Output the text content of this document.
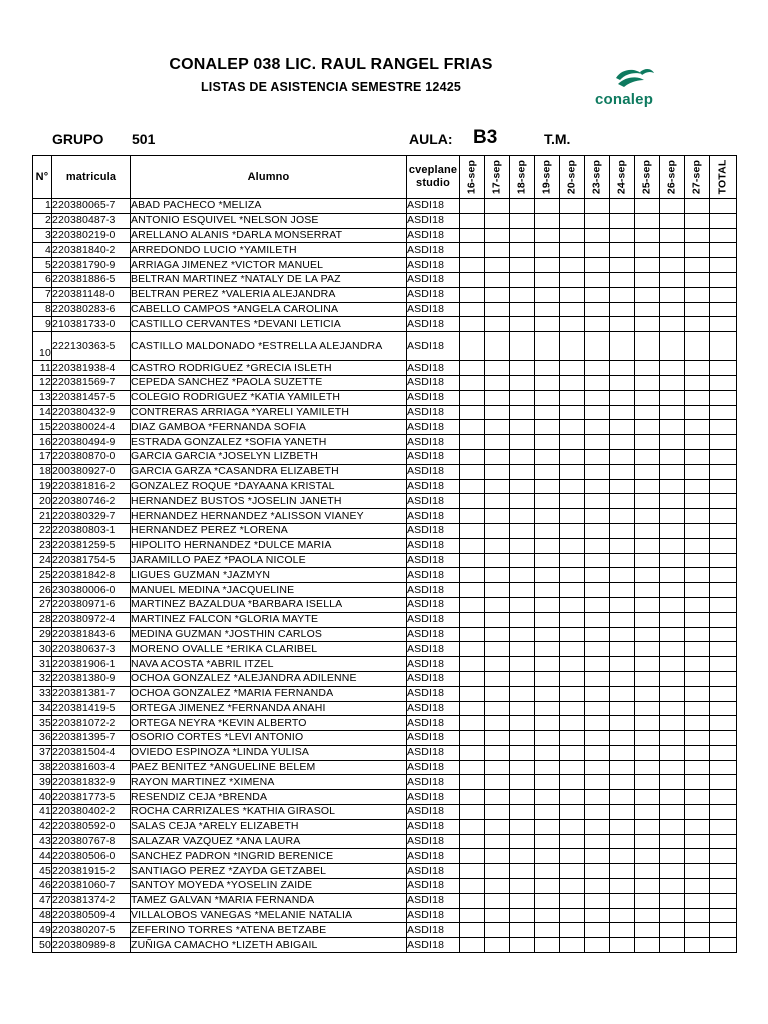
CONALEP 038 LIC. RAUL RANGEL FRIAS
LISTAS DE ASISTENCIA SEMESTRE 12425
conalep
GRUPO 501	AULA: B3	T.M.
N°	matricula	Alumno	cveplane
studio	16-sep	17-sep	18-sep	19-sep	20-sep	23-sep	24-sep	25-sep	26-sep	27-sep	TOTAL

1	220380065-7	ABAD PACHECO *MELIZA	ASDI18											
2	220380487-3	ANTONIO ESQUIVEL *NELSON JOSE	ASDI18											
3	220380219-0	ARELLANO ALANIS *DARLA MONSERRAT	ASDI18											
4	220381840-2	ARREDONDO LUCIO *YAMILETH	ASDI18											
5	220381790-9	ARRIAGA JIMENEZ *VICTOR MANUEL	ASDI18											
6	220381886-5	BELTRAN MARTINEZ *NATALY DE LA PAZ	ASDI18											
7	220381148-0	BELTRAN PEREZ *VALERIA ALEJANDRA	ASDI18											
8	220380283-6	CABELLO CAMPOS *ANGELA CAROLINA	ASDI18											
9	210381733-0	CASTILLO CERVANTES *DEVANI LETICIA	ASDI18											
10	222130363-5	CASTILLO MALDONADO *ESTRELLA ALEJANDRA	ASDI18											
11	220381938-4	CASTRO RODRIGUEZ *GRECIA ISLETH	ASDI18											
12	220381569-7	CEPEDA SANCHEZ *PAOLA SUZETTE	ASDI18											
13	220381457-5	COLEGIO RODRIGUEZ *KATIA YAMILETH	ASDI18											
14	220380432-9	CONTRERAS ARRIAGA *YARELI YAMILETH	ASDI18											
15	220380024-4	DIAZ GAMBOA *FERNANDA SOFIA	ASDI18											
16	220380494-9	ESTRADA GONZALEZ *SOFIA YANETH	ASDI18											
17	220380870-0	GARCIA GARCIA *JOSELYN LIZBETH	ASDI18											
18	200380927-0	GARCIA GARZA *CASANDRA ELIZABETH	ASDI18											
19	220381816-2	GONZALEZ ROQUE *DAYAANA KRISTAL	ASDI18											
20	220380746-2	HERNANDEZ BUSTOS *JOSELIN JANETH	ASDI18											
21	220380329-7	HERNANDEZ HERNANDEZ *ALISSON VIANEY	ASDI18											
22	220380803-1	HERNANDEZ PEREZ *LORENA	ASDI18											
23	220381259-5	HIPOLITO HERNANDEZ *DULCE MARIA	ASDI18											
24	220381754-5	JARAMILLO PAEZ *PAOLA NICOLE	ASDI18											
25	220381842-8	LIGUES GUZMAN *JAZMYN	ASDI18											
26	230380006-0	MANUEL MEDINA *JACQUELINE	ASDI18											
27	220380971-6	MARTINEZ BAZALDUA *BARBARA ISELLA	ASDI18											
28	220380972-4	MARTINEZ FALCON *GLORIA MAYTE	ASDI18											
29	220381843-6	MEDINA GUZMAN *JOSTHIN CARLOS	ASDI18											
30	220380637-3	MORENO OVALLE *ERIKA CLARIBEL	ASDI18											
31	220381906-1	NAVA ACOSTA *ABRIL ITZEL	ASDI18											
32	220381380-9	OCHOA GONZALEZ *ALEJANDRA ADILENNE	ASDI18											
33	220381381-7	OCHOA GONZALEZ *MARIA FERNANDA	ASDI18											
34	220381419-5	ORTEGA JIMENEZ *FERNANDA ANAHI	ASDI18											
35	220381072-2	ORTEGA NEYRA *KEVIN ALBERTO	ASDI18											
36	220381395-7	OSORIO CORTES *LEVI ANTONIO	ASDI18											
37	220381504-4	OVIEDO ESPINOZA *LINDA YULISA	ASDI18											
38	220381603-4	PAEZ BENITEZ *ANGUELINE BELEM	ASDI18											
39	220381832-9	RAYON MARTINEZ *XIMENA	ASDI18											
40	220381773-5	RESENDIZ CEJA *BRENDA	ASDI18											
41	220380402-2	ROCHA CARRIZALES *KATHIA GIRASOL	ASDI18											
42	220380592-0	SALAS CEJA *ARELY ELIZABETH	ASDI18											
43	220380767-8	SALAZAR VAZQUEZ *ANA LAURA	ASDI18											
44	220380506-0	SANCHEZ PADRON *INGRID BERENICE	ASDI18											
45	220381915-2	SANTIAGO PEREZ *ZAYDA GETZABEL	ASDI18											
46	220381060-7	SANTOY MOYEDA *YOSELIN ZAIDE	ASDI18											
47	220381374-2	TAMEZ GALVAN *MARIA FERNANDA	ASDI18											
48	220380509-4	VILLALOBOS VANEGAS *MELANIE NATALIA	ASDI18											
49	220380207-5	ZEFERINO TORRES *ATENA BETZABE	ASDI18											
50	220380989-8	ZUÑIGA CAMACHO *LIZETH ABIGAIL	ASDI18											
